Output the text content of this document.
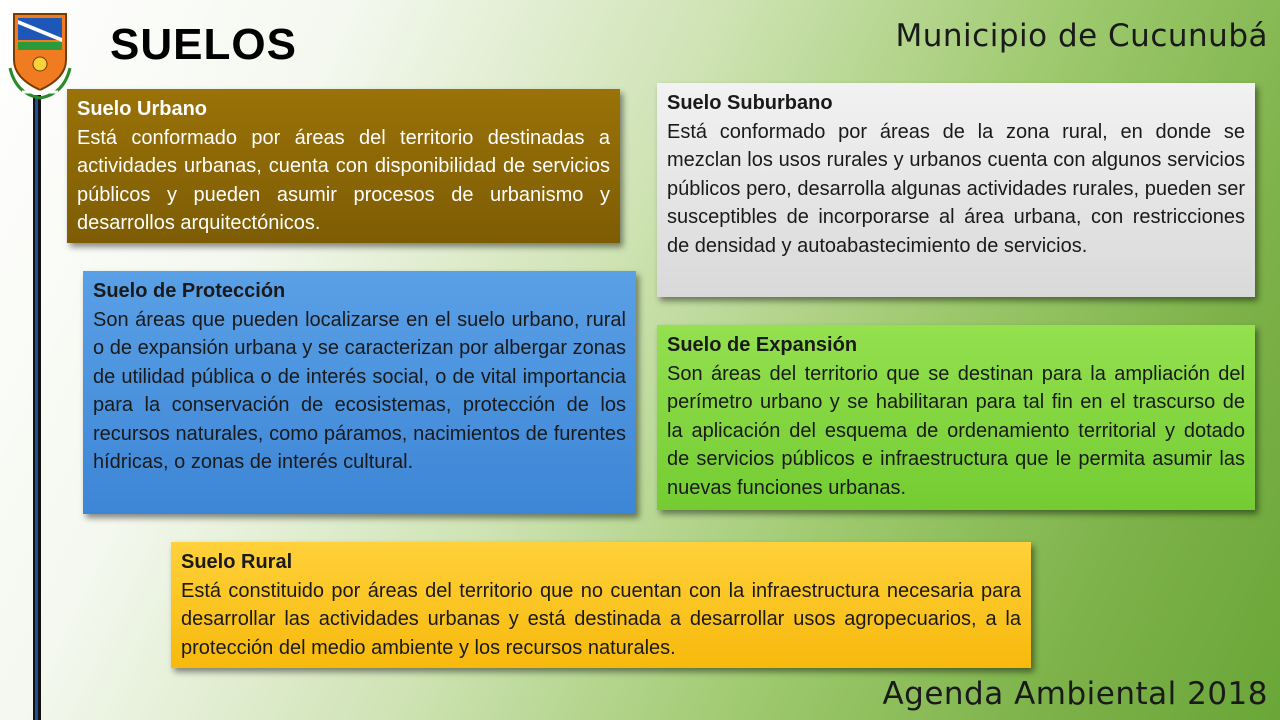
SUELOS	Municipio de Cucunubá
Suelo Urbano
Está conformado por áreas del territorio destinadas a actividades urbanas, cuenta con disponibilidad de servicios públicos y pueden asumir procesos de urbanismo y desarrollos arquitectónicos.
Suelo Suburbano
Está conformado por áreas de la zona rural, en donde se mezclan los usos rurales y urbanos cuenta con algunos servicios públicos pero, desarrolla algunas actividades rurales, pueden ser susceptibles de incorporarse al área urbana, con restricciones de densidad y autoabastecimiento de servicios.
Suelo de Protección
Son áreas que pueden localizarse en el suelo urbano, rural o de expansión urbana y se caracterizan por albergar zonas de utilidad pública o de interés social, o de vital importancia para la conservación de ecosistemas, protección de los recursos naturales, como páramos, nacimientos de furentes hídricas, o zonas de interés cultural.
Suelo de Expansión
Son áreas del territorio que se destinan para la ampliación del perímetro urbano y se habilitaran para tal fin en el trascurso de la aplicación del esquema de ordenamiento territorial y dotado de servicios públicos e infraestructura que le permita asumir las nuevas funciones urbanas.
Suelo Rural
Está constituido por áreas del territorio que no cuentan con la infraestructura necesaria para desarrollar las actividades urbanas y está destinada a desarrollar usos agropecuarios, a la protección del medio ambiente y los recursos naturales.
Agenda Ambiental 2018
